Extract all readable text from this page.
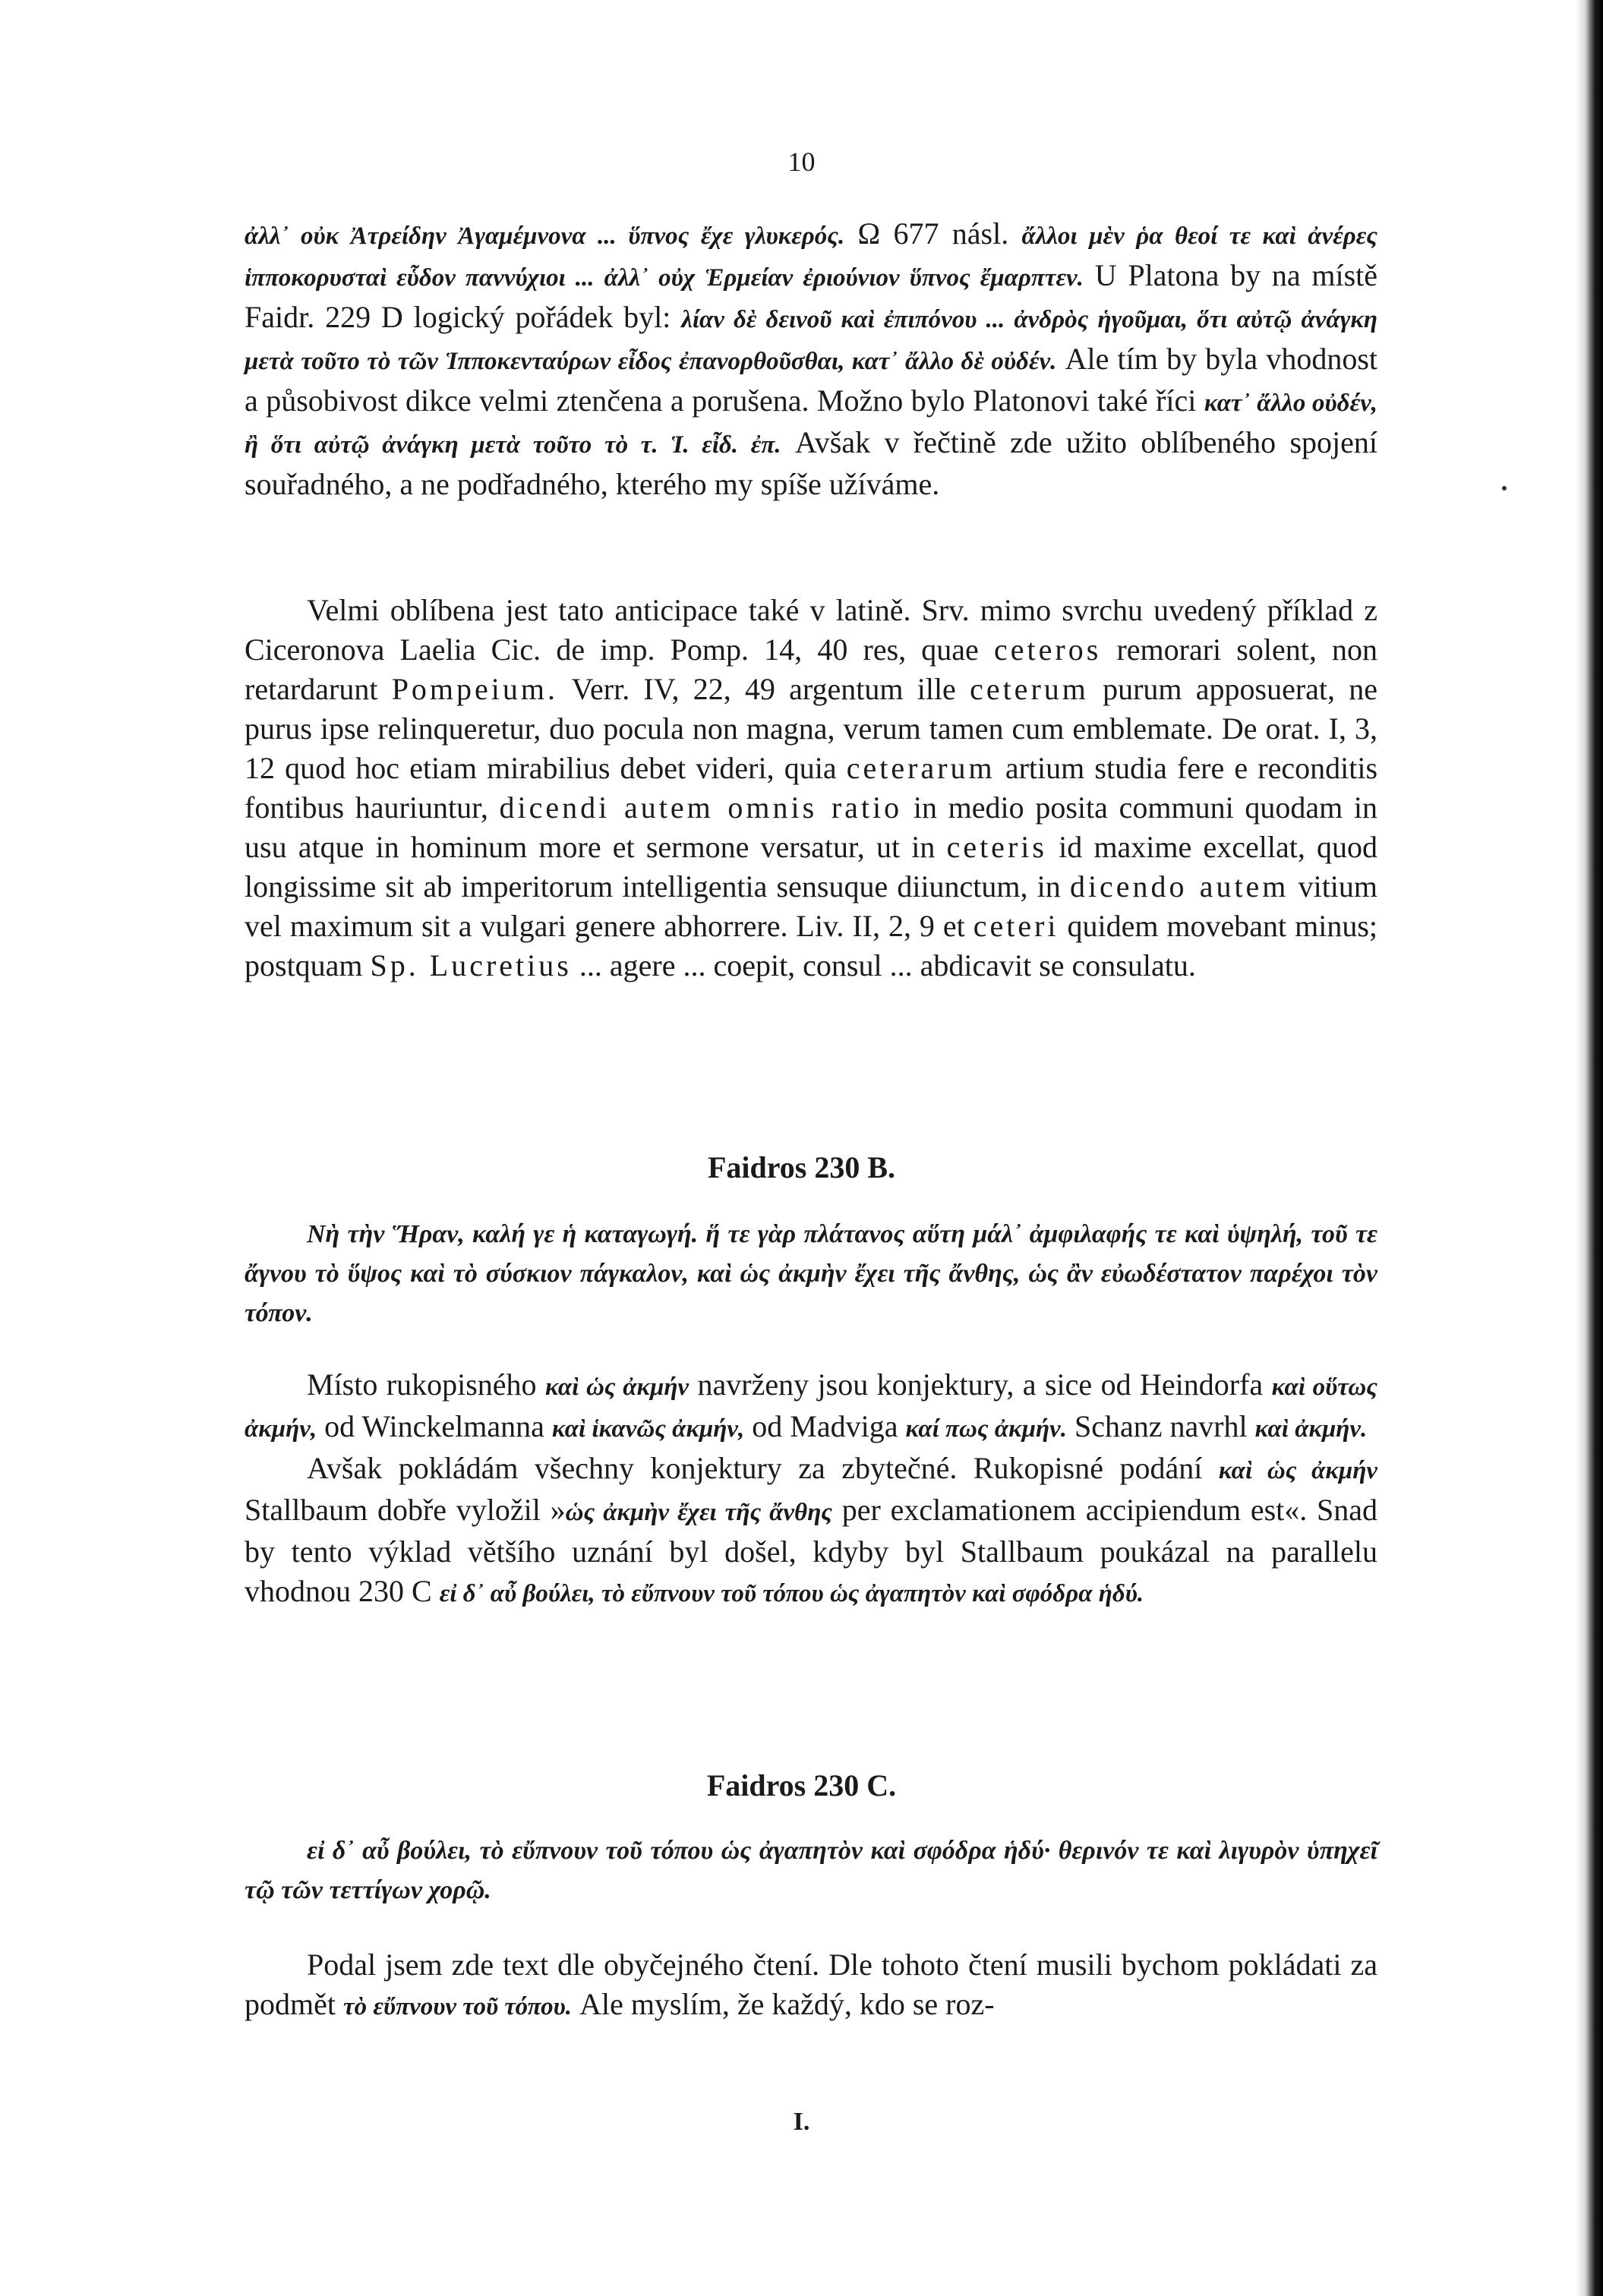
10

ἀλλ᾽ οὐκ Ἀτρείδην Ἀγαμέμνονα ... ὕπνος ἔχε γλυκερός. Ω 677 násl. ἄλλοι μὲν ῥα θεοί τε καὶ ἀνέρες ἱπποκορυσταὶ εὗδον παννύχιοι ... ἀλλ᾽ οὐχ Ἑρμείαν ἐριούνιον ὕπνος ἔμαρπτεν. U Platona by na místě Faidr. 229 D logický pořádek byl: λίαν δὲ δεινοῦ καὶ ἐπιπόνου ... ἀνδρὸς ἡγοῦμαι, ὅτι αὐτῷ ἀνάγκη μετὰ τοῦτο τὸ τῶν Ἱπποκενταύρων εἶδος ἐπανορθοῦσθαι, κατ᾽ ἄλλο δὲ οὐδέν. Ale tím by byla vhodnost a působivost dikce velmi ztenčena a porušena. Možno bylo Platonovi také říci κατ᾽ ἄλλο οὐδέν, ἢ ὅτι αὐτῷ ἀνάγκη μετὰ τοῦτο τὸ τ. Ἱ. εἶδ. ἐπ. Avšak v řečtině zde užito oblíbeného spojení souřadného, a ne podřadného, kterého my spíše užíváme.

Velmi oblíbena jest tato anticipace také v latině. Srv. mimo svrchu uvedený příklad z Ciceronova Laelia Cic. de imp. Pomp. 14, 40 res, quae ceteros remorari solent, non retardarunt Pompeium. Verr. IV, 22, 49 argentum ille ceterum purum apposuerat, ne purus ipse relinqueretur, duo pocula non magna, verum tamen cum emblemate. De orat. I, 3, 12 quod hoc etiam mirabilius debet videri, quia ceterarum artium studia fere e reconditis fontibus hauriuntur, dicendi autem omnis ratio in medio posita communi quodam in usu atque in hominum more et sermone versatur, ut in ceteris id maxime excellat, quod longissime sit ab imperitorum intelligentia sensuque diiunctum, in dicendo autem vitium vel maximum sit a vulgari genere abhorrere. Liv. II, 2, 9 et ceteri quidem movebant minus; postquam Sp. Lucretius ... agere ... coepit, consul ... abdicavit se consulatu.

Faidros 230 B.

Νὴ τὴν Ἥραν, καλή γε ἡ καταγωγή. ἥ τε γὰρ πλάτανος αὕτη μάλ᾽ ἀμφιλαφής τε καὶ ὑψηλή, τοῦ τε ἄγνου τὸ ὕψος καὶ τὸ σύσκιον πάγκαλον, καὶ ὡς ἀκμὴν ἔχει τῆς ἄνθης, ὡς ἂν εὐωδέστατον παρέχοι τὸν τόπον.

Místo rukopisného καὶ ὡς ἀκμήν navrženy jsou konjektury, a sice od Heindorfa καὶ οὕτως ἀκμήν, od Winckelmanna καὶ ἱκανῶς ἀκμήν, od Madviga καί πως ἀκμήν. Schanz navrhl καὶ ἀκμήν.

Avšak pokládám všechny konjektury za zbytečné. Rukopisné podání καὶ ὡς ἀκμήν Stallbaum dobře vyložil »ὡς ἀκμὴν ἔχει τῆς ἄνθης per exclamationem accipiendum est«. Snad by tento výklad většího uznání byl došel, kdyby byl Stallbaum poukázal na parallelu vhodnou 230 C εἰ δ᾽ αὖ βούλει, τὸ εὔπνουν τοῦ τόπου ὡς ἀγαπητὸν καὶ σφόδρα ἡδύ.

Faidros 230 C.

εἰ δ᾽ αὖ βούλει, τὸ εὔπνουν τοῦ τόπου ὡς ἀγαπητὸν καὶ σφόδρα ἡδύ· θερινόν τε καὶ λιγυρὸν ὑπηχεῖ τῷ τῶν τεττίγων χορῷ.

Podal jsem zde text dle obyčejného čtení. Dle tohoto čtení musili bychom pokládati za podmět τὸ εὔπνουν τοῦ τόπου. Ale myslím, že každý, kdo se roz-

I.
